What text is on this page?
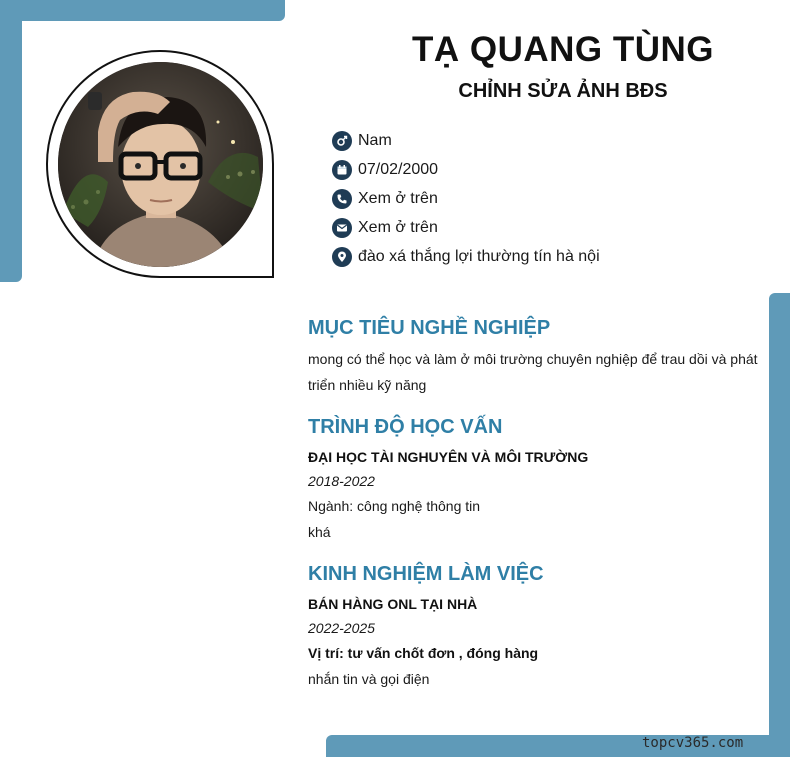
TẠ QUANG TÙNG
CHỈNH SỬA ẢNH BĐS
Nam
07/02/2000
Xem ở trên
Xem ở trên
đào xá thắng lợi thường tín hà nội
MỤC TIÊU NGHỀ NGHIỆP
mong có thể học và làm ở môi trường chuyên nghiệp để trau dồi và phát
triển nhiều kỹ năng
TRÌNH ĐỘ HỌC VẤN
ĐẠI HỌC TÀI NGHUYÊN VÀ MÔI TRƯỜNG
2018-2022
Ngành: công nghệ thông tin
khá
KINH NGHIỆM LÀM VIỆC
BÁN HÀNG ONL TẠI NHÀ
2022-2025
Vị trí: tư vấn chốt đơn , đóng hàng
nhắn tin và gọi điện
topcv365.com
